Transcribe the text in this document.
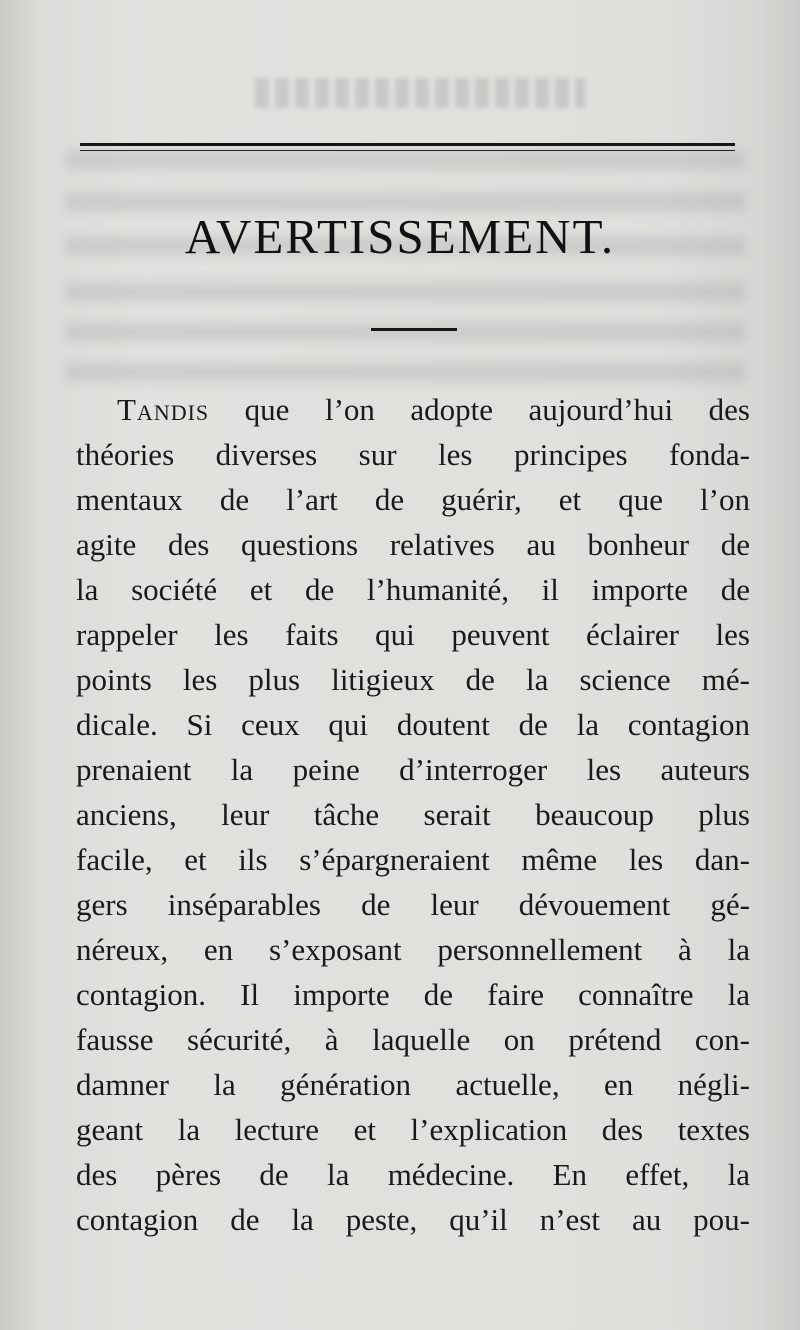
AVERTISSEMENT.
Tandis que l’on adopte aujourd’hui des
théories diverses sur les principes fonda-
mentaux de l’art de guérir, et que l’on
agite des questions relatives au bonheur de
la société et de l’humanité, il importe de
rappeler les faits qui peuvent éclairer les
points les plus litigieux de la science mé-
dicale. Si ceux qui doutent de la contagion
prenaient la peine d’interroger les auteurs
anciens, leur tâche serait beaucoup plus
facile, et ils s’épargneraient même les dan-
gers inséparables de leur dévouement gé-
néreux, en s’exposant personnellement à la
contagion. Il importe de faire connaître la
fausse sécurité, à laquelle on prétend con-
damner la génération actuelle, en négli-
geant la lecture et l’explication des textes
des pères de la médecine. En effet, la
contagion de la peste, qu’il n’est au pou-
